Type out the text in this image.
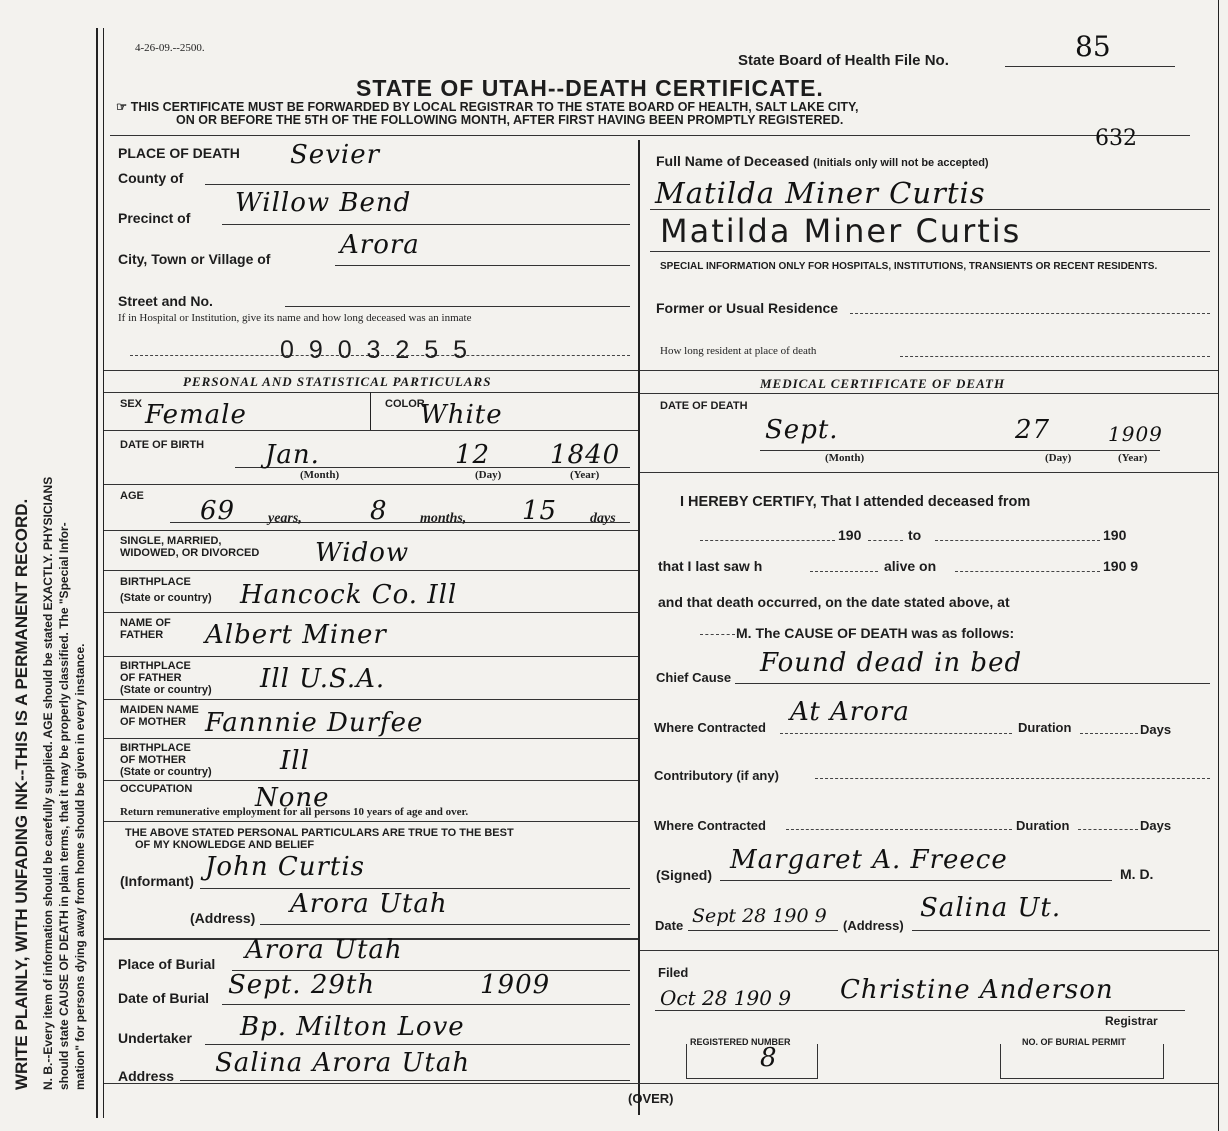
WRITE PLAINLY, WITH UNFADING INK--THIS IS A PERMANENT RECORD. N. B.--Every item of information should be carefully supplied. AGE should be stated EXACTLY. PHYSICIANS should state CAUSE OF DEATH in plain terms, that it may be properly classified. The "Special Infor- mation" for persons dying away from home should be given in every instance.
4-26-09.--2500.
State Board of Health File No.	85
STATE OF UTAH--DEATH CERTIFICATE.
☞ THIS CERTIFICATE MUST BE FORWARDED BY LOCAL REGISTRAR TO THE STATE BOARD OF HEALTH, SALT LAKE CITY,
ON OR BEFORE THE 5TH OF THE FOLLOWING MONTH, AFTER FIRST HAVING BEEN PROMPTLY REGISTERED.
632
PLACE OF DEATH
County of
Sevier
Precinct of Willow Bend
City, Town or Village of	Arora
Street and No.
If in Hospital or Institution, give its name and how long deceased was an inmate
0 9 0 3 2 5 5
PERSONAL AND STATISTICAL PARTICULARS
SEX Female	COLOR
White
DATE OF BIRTH Jan.	12 1840
(Month)	(Day)	(Year)
AGE 69 years,	8 months, 15 days
SINGLE, MARRIED,
WIDOWED, OR DIVORCED Widow
BIRTHPLACE
(State or country) Hancock Co. Ill
NAME OF
FATHER Albert Miner
BIRTHPLACE
OF FATHER
(State or country) Ill U.S.A.
MAIDEN NAME
OF MOTHER Fannnie Durfee
BIRTHPLACE
OF MOTHER
(State or country)	Ill
OCCUPATION None
Return remunerative employment for all persons 10 years of age and over.
THE ABOVE STATED PERSONAL PARTICULARS ARE TRUE TO THE BEST
OF MY KNOWLEDGE AND BELIEF
(Informant) John Curtis
(Address) Arora Utah
Place of Burial Arora Utah
Date of Burial Sept. 29th	1909
Undertaker Bp. Milton Love
Address Salina Arora Utah
Full Name of Deceased (Initials only will not be accepted)
Matilda Miner Curtis
Matilda Miner Curtis
SPECIAL INFORMATION ONLY FOR HOSPITALS, INSTITUTIONS, TRANSIENTS OR RECENT RESIDENTS.
Former or Usual Residence
How long resident at place of death
MEDICAL CERTIFICATE OF DEATH
DATE OF DEATH
Sept.	27	1909
(Month)	(Day)	(Year)
I HEREBY CERTIFY, That I attended deceased from
190	to	190
that I last saw h	alive on	190 9
and that death occurred, on the date stated above, at
M. The CAUSE OF DEATH was as follows:
Chief Cause Found dead in bed
Where Contracted
At Arora
Duration	Days
Contributory (if any)
Where Contracted	Duration	Days
(Signed) Margaret A. Freece	M. D.
Date Sept 28 190 9 (Address)
Salina Ut.
Filed
Oct 28 190 9 Christine Anderson
Registrar
REGISTERED NUMBER
8
NO. OF BURIAL PERMIT
(OVER)
